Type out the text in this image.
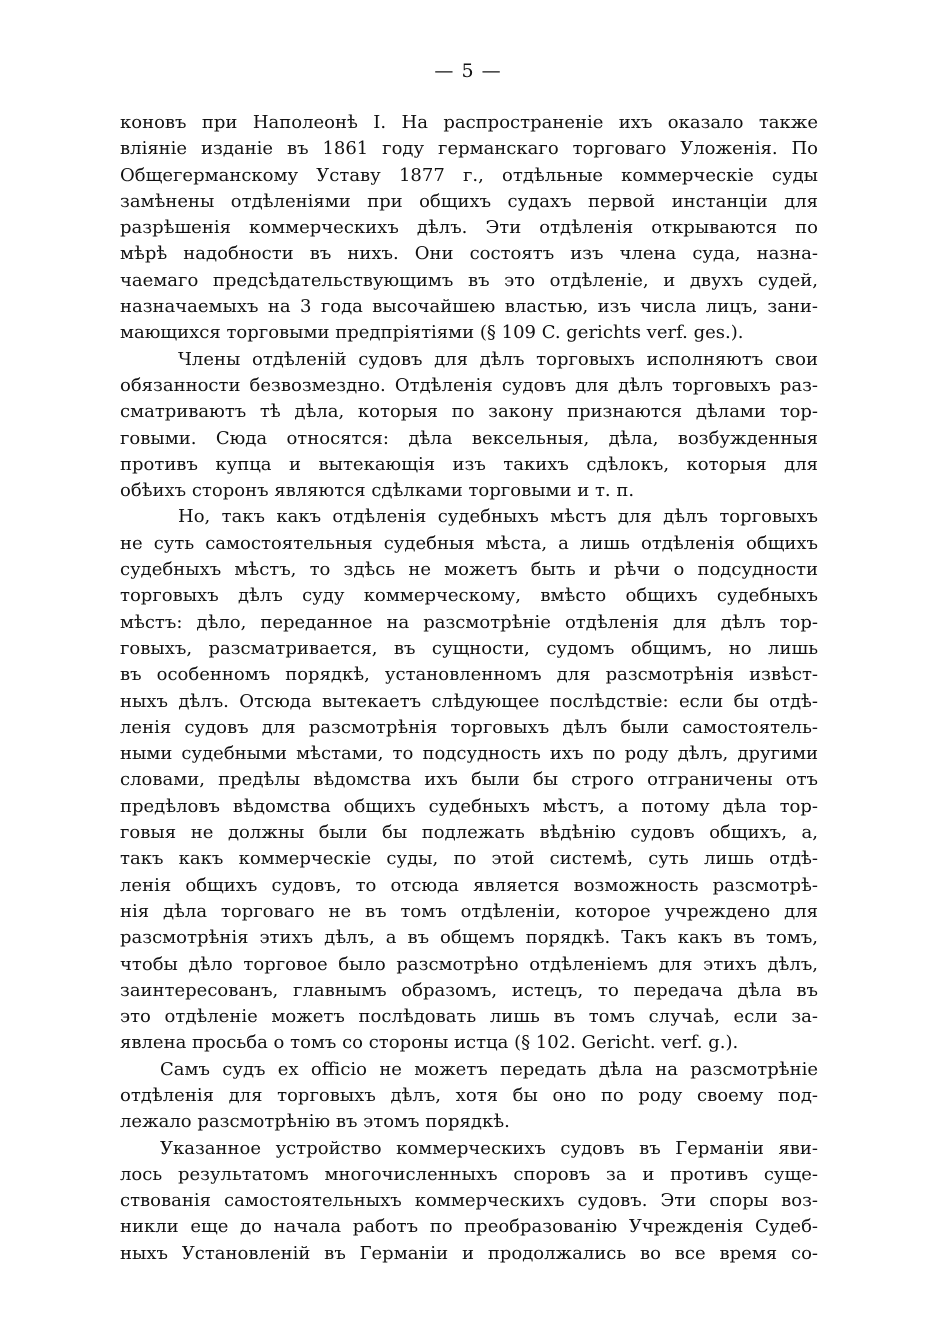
— 5 —
коновъ при Наполеонѣ I. На распространеніе ихъ оказало также
вліяніе изданіе въ 1861 году германскаго торговаго Уложенія. По
Общегерманскому Уставу 1877 г., отдѣльные коммерческіе суды
замѣнены отдѣленіями при общихъ судахъ первой инстанціи для
разрѣшенія коммерческихъ дѣлъ. Эти отдѣленія открываются по
мѣрѣ надобности въ нихъ. Они состоятъ изъ члена суда, назна-
чаемаго предсѣдательствующимъ въ это отдѣленіе, и двухъ судей,
назначаемыхъ на 3 года высочайшею властью, изъ числа лицъ, зани-
мающихся торговыми предпріятіями (§ 109 C. gerichts verf. ges.).
Члены отдѣленій судовъ для дѣлъ торговыхъ исполняютъ свои
обязанности безвозмездно. Отдѣленія судовъ для дѣлъ торговыхъ раз-
сматриваютъ тѣ дѣла, которыя по закону признаются дѣлами тор-
говыми. Сюда относятся: дѣла вексельныя, дѣла, возбужденныя
противъ купца и вытекающія изъ такихъ сдѣлокъ, которыя для
обѣихъ сторонъ являются сдѣлками торговыми и т. п.
Но, такъ какъ отдѣленія судебныхъ мѣстъ для дѣлъ торговыхъ
не суть самостоятельныя судебныя мѣста, а лишь отдѣленія общихъ
судебныхъ мѣстъ, то здѣсь не можетъ быть и рѣчи о подсудности
торговыхъ дѣлъ суду коммерческому, вмѣсто общихъ судебныхъ
мѣстъ: дѣло, переданное на разсмотрѣніе отдѣленія для дѣлъ тор-
говыхъ, разсматривается, въ сущности, судомъ общимъ, но лишь
въ особенномъ порядкѣ, установленномъ для разсмотрѣнія извѣст-
ныхъ дѣлъ. Отсюда вытекаетъ слѣдующее послѣдствіе: если бы отдѣ-
ленія судовъ для разсмотрѣнія торговыхъ дѣлъ были самостоятель-
ными судебными мѣстами, то подсудность ихъ по роду дѣлъ, другими
словами, предѣлы вѣдомства ихъ были бы строго отграничены отъ
предѣловъ вѣдомства общихъ судебныхъ мѣстъ, а потому дѣла тор-
говыя не должны были бы подлежать вѣдѣнію судовъ общихъ, а,
такъ какъ коммерческіе суды, по этой системѣ, суть лишь отдѣ-
ленія общихъ судовъ, то отсюда является возможность разсмотрѣ-
нія дѣла торговаго не въ томъ отдѣленіи, которое учреждено для
разсмотрѣнія этихъ дѣлъ, а въ общемъ порядкѣ. Такъ какъ въ томъ,
чтобы дѣло торговое было разсмотрѣно отдѣленіемъ для этихъ дѣлъ,
заинтересованъ, главнымъ образомъ, истецъ, то передача дѣла въ
это отдѣленіе можетъ послѣдовать лишь въ томъ случаѣ, если за-
явлена просьба о томъ со стороны истца (§ 102. Gericht. verf. g.).
Самъ судъ ex officio не можетъ передать дѣла на разсмотрѣніе
отдѣленія для торговыхъ дѣлъ, хотя бы оно по роду своему под-
лежало разсмотрѣнію въ этомъ порядкѣ.
Указанное устройство коммерческихъ судовъ въ Германіи яви-
лось результатомъ многочисленныхъ споровъ за и противъ суще-
ствованія самостоятельныхъ коммерческихъ судовъ. Эти споры воз-
никли еще до начала работъ по преобразованію Учрежденія Судеб-
ныхъ Установленій въ Германіи и продолжались во все время со-
